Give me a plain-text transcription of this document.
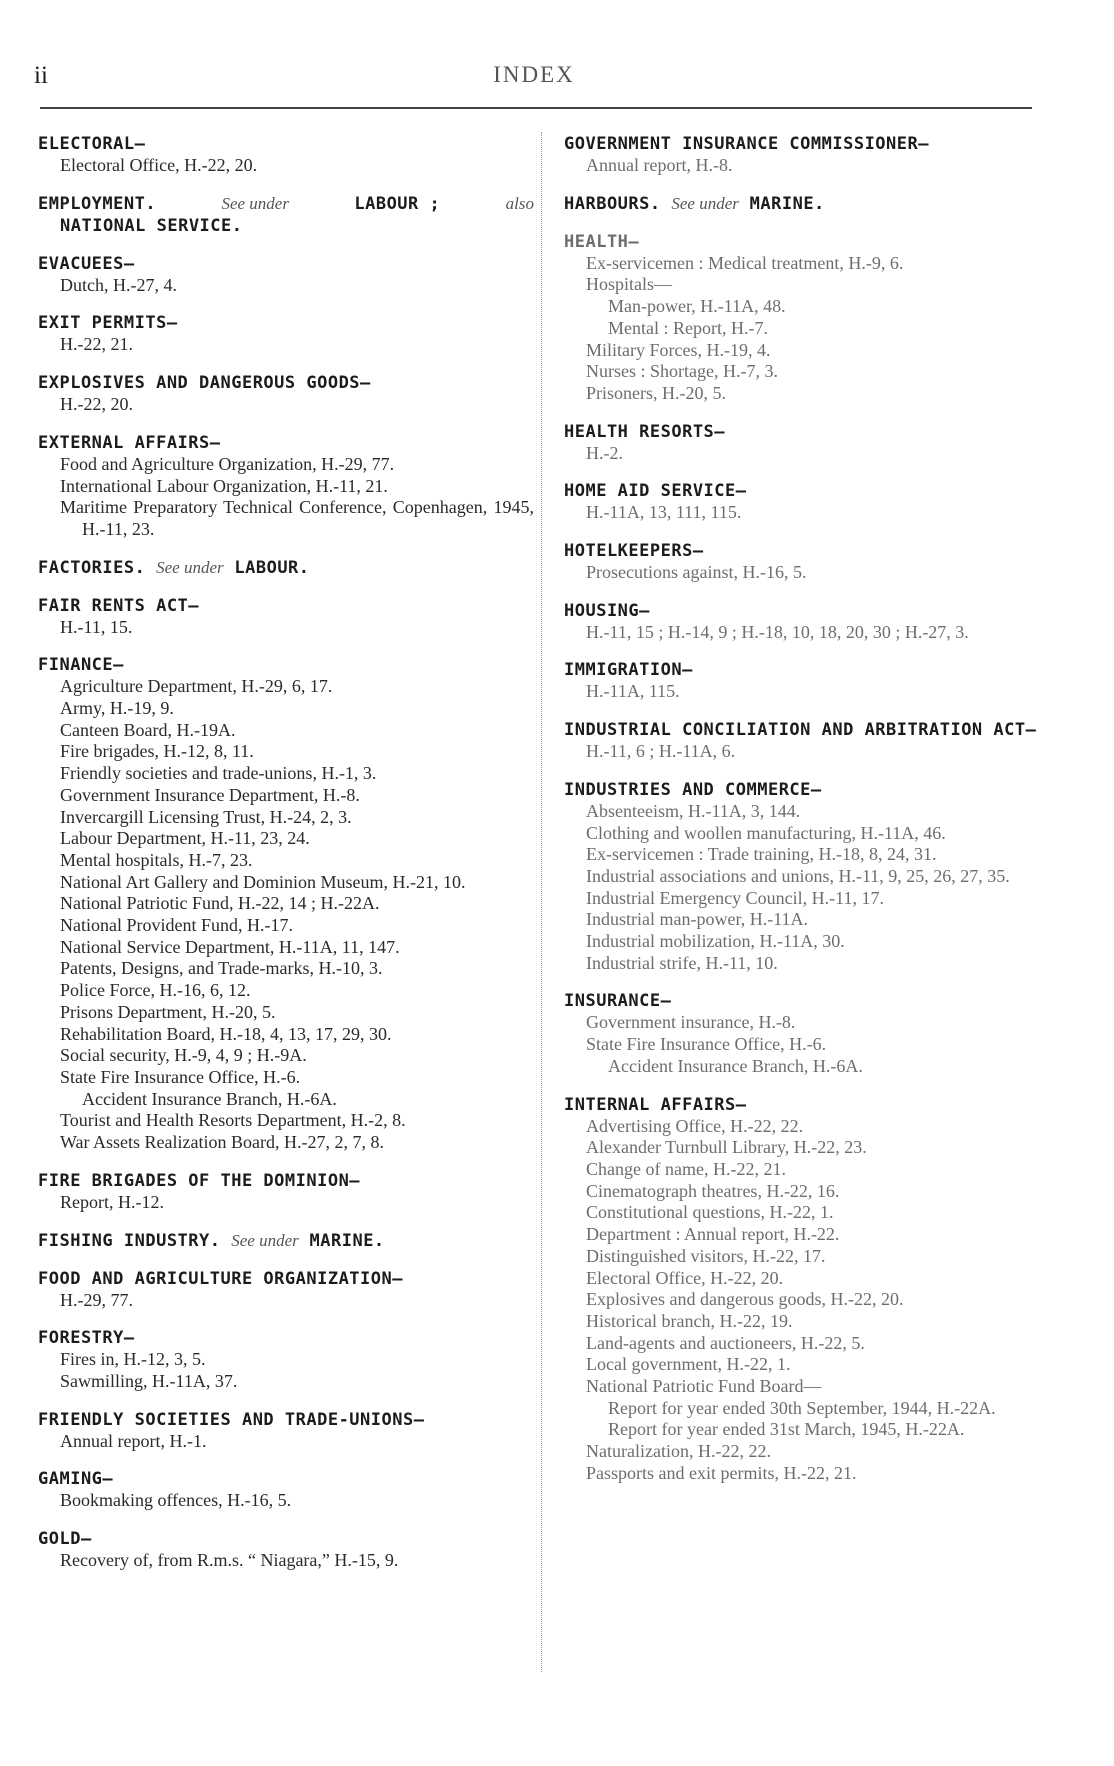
ii	INDEX
ELECTORAL—
Electoral Office, H.-22, 20.
EMPLOYMENT.	See under	LABOUR ;	also
NATIONAL SERVICE.
EVACUEES—
Dutch, H.-27, 4.
EXIT PERMITS—
H.-22, 21.
EXPLOSIVES AND DANGEROUS GOODS—
H.-22, 20.
EXTERNAL AFFAIRS—
Food and Agriculture Organization, H.-29, 77.
International Labour Organization, H.-11, 21.
Maritime Preparatory Technical Conference, Copenhagen, 1945, H.-11, 23.
FACTORIES. See under LABOUR.
FAIR RENTS ACT—
H.-11, 15.
FINANCE—
Agriculture Department, H.-29, 6, 17.
Army, H.-19, 9.
Canteen Board, H.-19A.
Fire brigades, H.-12, 8, 11.
Friendly societies and trade-unions, H.-1, 3.
Government Insurance Department, H.-8.
Invercargill Licensing Trust, H.-24, 2, 3.
Labour Department, H.-11, 23, 24.
Mental hospitals, H.-7, 23.
National Art Gallery and Dominion Museum, H.-21, 10.
National Patriotic Fund, H.-22, 14 ; H.-22A.
National Provident Fund, H.-17.
National Service Department, H.-11A, 11, 147.
Patents, Designs, and Trade-marks, H.-10, 3.
Police Force, H.-16, 6, 12.
Prisons Department, H.-20, 5.
Rehabilitation Board, H.-18, 4, 13, 17, 29, 30.
Social security, H.-9, 4, 9 ; H.-9A.
State Fire Insurance Office, H.-6.
Accident Insurance Branch, H.-6A.
Tourist and Health Resorts Department, H.-2, 8.
War Assets Realization Board, H.-27, 2, 7, 8.
FIRE BRIGADES OF THE DOMINION—
Report, H.-12.
FISHING INDUSTRY. See under MARINE.
FOOD AND AGRICULTURE ORGANIZATION—
H.-29, 77.
FORESTRY—
Fires in, H.-12, 3, 5.
Sawmilling, H.-11A, 37.
FRIENDLY SOCIETIES AND TRADE-UNIONS—
Annual report, H.-1.
GAMING—
Bookmaking offences, H.-16, 5.
GOLD—
Recovery of, from R.m.s. “ Niagara,” H.-15, 9.
GOVERNMENT INSURANCE COMMISSIONER—
Annual report, H.-8.
HARBOURS. See under MARINE.
HEALTH—
Ex-servicemen : Medical treatment, H.-9, 6.
Hospitals—
Man-power, H.-11A, 48.
Mental : Report, H.-7.
Military Forces, H.-19, 4.
Nurses : Shortage, H.-7, 3.
Prisoners, H.-20, 5.
HEALTH RESORTS—
H.-2.
HOME AID SERVICE—
H.-11A, 13, 111, 115.
HOTELKEEPERS—
Prosecutions against, H.-16, 5.
HOUSING—
H.-11, 15 ; H.-14, 9 ; H.-18, 10, 18, 20, 30 ; H.-27, 3.
IMMIGRATION—
H.-11A, 115.
INDUSTRIAL CONCILIATION AND ARBITRATION ACT—
H.-11, 6 ; H.-11A, 6.
INDUSTRIES AND COMMERCE—
Absenteeism, H.-11A, 3, 144.
Clothing and woollen manufacturing, H.-11A, 46.
Ex-servicemen : Trade training, H.-18, 8, 24, 31.
Industrial associations and unions, H.-11, 9, 25, 26, 27, 35.
Industrial Emergency Council, H.-11, 17.
Industrial man-power, H.-11A.
Industrial mobilization, H.-11A, 30.
Industrial strife, H.-11, 10.
INSURANCE—
Government insurance, H.-8.
State Fire Insurance Office, H.-6.
Accident Insurance Branch, H.-6A.
INTERNAL AFFAIRS—
Advertising Office, H.-22, 22.
Alexander Turnbull Library, H.-22, 23.
Change of name, H.-22, 21.
Cinematograph theatres, H.-22, 16.
Constitutional questions, H.-22, 1.
Department : Annual report, H.-22.
Distinguished visitors, H.-22, 17.
Electoral Office, H.-22, 20.
Explosives and dangerous goods, H.-22, 20.
Historical branch, H.-22, 19.
Land-agents and auctioneers, H.-22, 5.
Local government, H.-22, 1.
National Patriotic Fund Board—
Report for year ended 30th September, 1944, H.-22A.
Report for year ended 31st March, 1945, H.-22A.
Naturalization, H.-22, 22.
Passports and exit permits, H.-22, 21.
